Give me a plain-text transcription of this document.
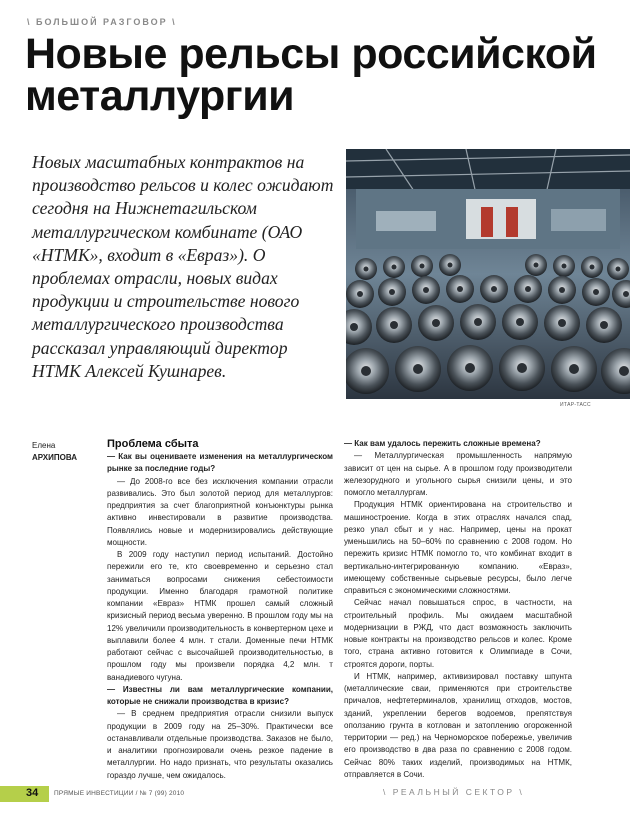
\ БОЛЬШОЙ РАЗГОВОР \
Новые рельсы российской металлургии
Новых масштабных контрактов на производство рельсов и колес ожидают сегодня на Нижнетагильском металлургическом комбинате (ОАО «НТМК», входит в «Евраз»). О проблемах отрасли, новых видах продукции и строительстве нового металлургического производства рассказал управляющий директор НТМК Алексей Кушнарев.
ИТАР-ТАСС
Елена
АРХИПОВА

Проблема сбыта

— Как вы оцениваете изменения на металлургическом рынке за последние годы?

— До 2008-го все без исключения компании отрасли развивались. Это был золотой период для металлургов: предприятия за счет благоприятной конъюнктуры рынка активно инвестировали в развитие производства. Появлялись новые и модернизировались действующие мощности.

В 2009 году наступил период испытаний. Достойно пережили его те, кто своевременно и серьезно стал заниматься вопросами снижения себестоимости продукции. Именно благодаря грамотной политике компании «Евраз» НТМК прошел самый сложный кризисный период весьма уверенно. В прошлом году мы на 12% увеличили производительность в конвертерном цехе и выплавили более 4 млн. т стали. Доменные печи НТМК работают сейчас с высочайшей производительностью, в прошлом году мы произвели порядка 4,2 млн. т ванадиевого чугуна.

— Известны ли вам металлургические компании, которые не снижали производства в кризис?

— В среднем предприятия отрасли снизили выпуск продукции в 2009 году на 25–30%. Практически все останавливали отдельные производства. Заказов не было, и аналитики прогнозировали очень резкое падение в металлургии. Но надо признать, что результаты оказались гораздо лучше, чем ожидалось.

— Как вам удалось пережить сложные времена?

— Металлургическая промышленность напрямую зависит от цен на сырье. А в прошлом году производители железорудного и угольного сырья снизили цены, и это помогло металлургам.

Продукция НТМК ориентирована на строительство и машиностроение. Когда в этих отраслях начался спад, резко упал сбыт и у нас. Например, цены на прокат уменьшились на 50–60% по сравнению с 2008 годом. Но пережить кризис НТМК помогло то, что комбинат входит в вертикально-интегрированную компанию. «Евраз», имеющему собственные сырьевые ресурсы, было легче справиться с экономическими сложностями.

Сейчас начал повышаться спрос, в частности, на строительный профиль. Мы ожидаем масштабной модернизации в РЖД, что даст возможность заключить новые контракты на производство рельсов и колес. Кроме того, страна активно готовится к Олимпиаде в Сочи, строятся дороги, порты.

И НТМК, например, активизировал поставку шпунта (металлические сваи, применяются при строительстве причалов, нефтетерминалов, хранилищ отходов, мостов, зданий, укреплении берегов водоемов, препятствуя оползанию грунта в котлован и затоплению огороженной территории — ред.) на Черноморское побережье, увеличив его производство в два раза по сравнению с 2008 годом. Сейчас 80% таких изделий, производимых на НТМК, отправляется в Сочи.

34 ПРЯМЫЕ ИНВЕСТИЦИИ / № 7 (99) 2010	\ РЕАЛЬНЫЙ СЕКТОР \
